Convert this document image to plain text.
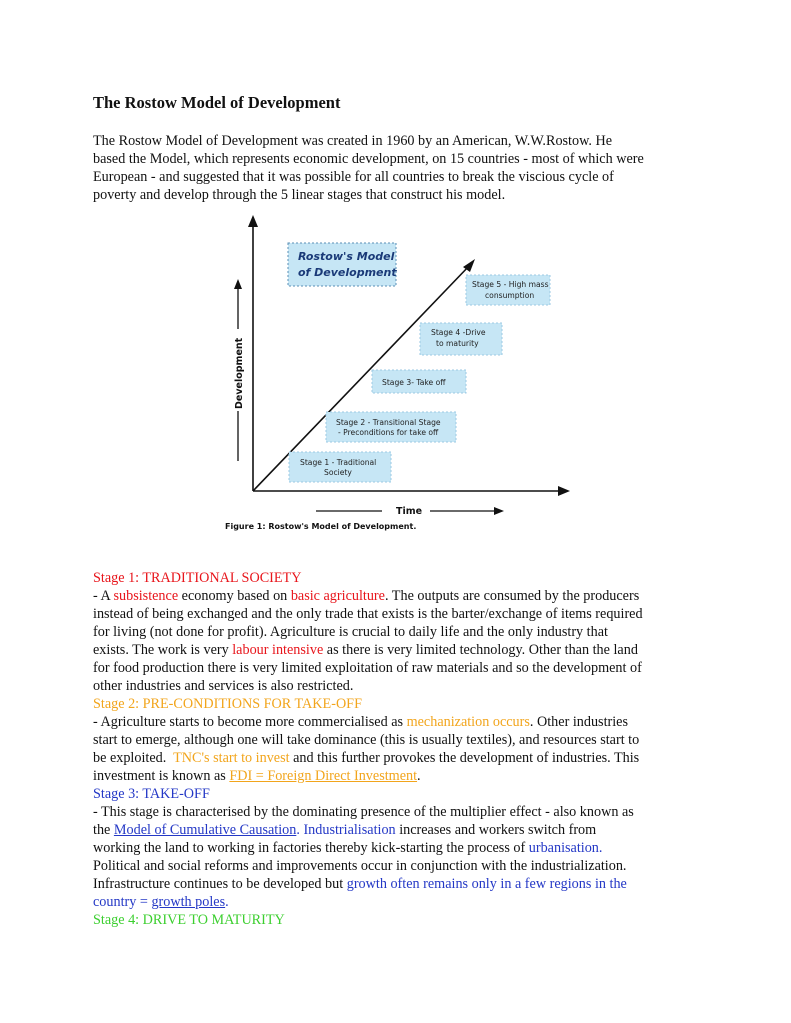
The Rostow Model of Development
The Rostow Model of Development was created in 1960 by an American, W.W.Rostow. He
based the Model, which represents economic development, on 15 countries - most of which were
European - and suggested that it was possible for all countries to break the viscious cycle of
poverty and develop through the 5 linear stages that construct his model.
Development
Time
Rostow's Model
of Development
Stage 1 - Traditional
Society
Stage 2 - Transitional Stage
- Preconditions for take off
Stage 3- Take off
Stage 4 -Drive
to maturity
Stage 5 - High mass
consumption
Figure 1: Rostow's Model of Development.
Stage 1: TRADITIONAL SOCIETY
- A subsistence economy based on basic agriculture. The outputs are consumed by the producers
instead of being exchanged and the only trade that exists is the barter/exchange of items required
for living (not done for profit). Agriculture is crucial to daily life and the only industry that
exists. The work is very labour intensive as there is very limited technology. Other than the land
for food production there is very limited exploitation of raw materials and so the development of
other industries and services is also restricted.
Stage 2: PRE-CONDITIONS FOR TAKE-OFF
- Agriculture starts to become more commercialised as mechanization occurs. Other industries
start to emerge, although one will take dominance (this is usually textiles), and resources start to
be exploited.  TNC's start to invest and this further provokes the development of industries. This
investment is known as FDI = Foreign Direct Investment.
Stage 3: TAKE-OFF
- This stage is characterised by the dominating presence of the multiplier effect - also known as
the Model of Cumulative Causation. Industrialisation increases and workers switch from
working the land to working in factories thereby kick-starting the process of urbanisation.
Political and social reforms and improvements occur in conjunction with the industrialization.
Infrastructure continues to be developed but growth often remains only in a few regions in the
country = growth poles.
Stage 4: DRIVE TO MATURITY
